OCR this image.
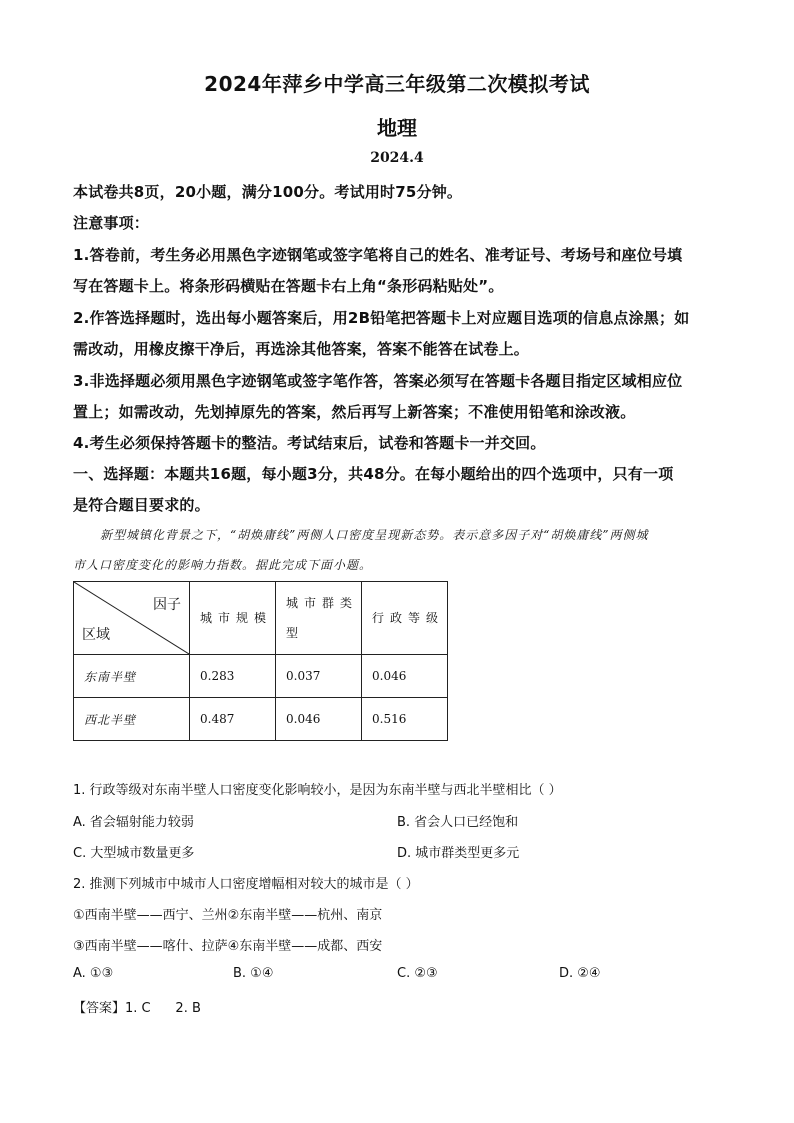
2024年萍乡中学高三年级第二次模拟考试
地理
2024.4
本试卷共8页，20小题，满分100分。考试用时75分钟。
注意事项：
1.答卷前，考生务必用黑色字迹钢笔或签字笔将自己的姓名、准考证号、考场号和座位号填
写在答题卡上。将条形码横贴在答题卡右上角“条形码粘贴处”。
2.作答选择题时，选出每小题答案后，用2B铅笔把答题卡上对应题目选项的信息点涂黑；如
需改动，用橡皮擦干净后，再选涂其他答案，答案不能答在试卷上。
3.非选择题必须用黑色字迹钢笔或签字笔作答，答案必须写在答题卡各题目指定区域相应位
置上；如需改动，先划掉原先的答案，然后再写上新答案；不准使用铅笔和涂改液。
4.考生必须保持答题卡的整洁。考试结束后，试卷和答题卡一并交回。
一、选择题：本题共16题，每小题3分，共48分。在每小题给出的四个选项中，只有一项
是符合题目要求的。
新型城镇化背景之下，“胡焕庸线”两侧人口密度呈现新态势。表示意多因子对“胡焕庸线”两侧城
市人口密度变化的影响力指数。据此完成下面小题。
因子
区域	城市规模	城市群类型	行政等级
东南半壁	0.283	0.037	0.046
西北半壁	0.487	0.046	0.516
1. 行政等级对东南半壁人口密度变化影响较小，是因为东南半壁与西北半壁相比（ ）
A. 省会辐射能力较弱	B. 省会人口已经饱和
C. 大型城市数量更多	D. 城市群类型更多元
2. 推测下列城市中城市人口密度增幅相对较大的城市是（ ）
①西南半壁——西宁、兰州②东南半壁——杭州、南京
③西南半壁——喀什、拉萨④东南半壁——成都、西安
A. ①③	B. ①④	C. ②③	D. ②④
【答案】1. C      2. B
